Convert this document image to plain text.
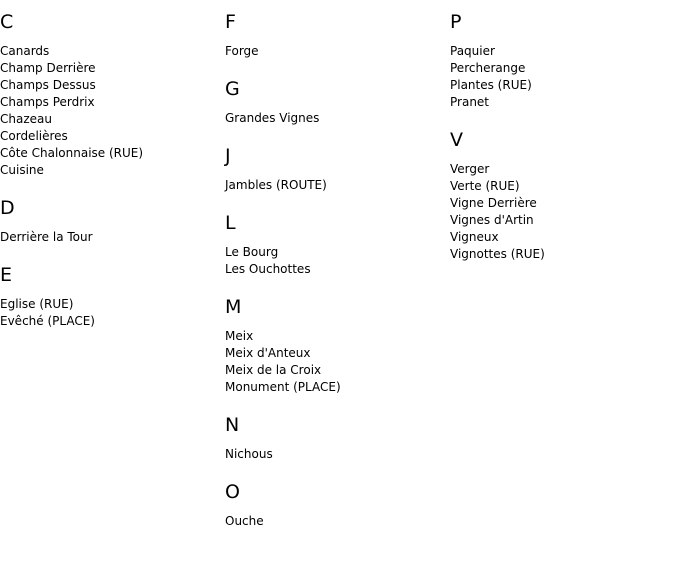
C
Canards
Champ Derrière
Champs Dessus
Champs Perdrix
Chazeau
Cordelières
Côte Chalonnaise (RUE)
Cuisine
D
Derrière la Tour
E
Eglise (RUE)
Evêché (PLACE)
F
Forge
G
Grandes Vignes
J
Jambles (ROUTE)
L
Le Bourg
Les Ouchottes
M
Meix
Meix d'Anteux
Meix de la Croix
Monument (PLACE)
N
Nichous
O
Ouche
P
Paquier
Percherange
Plantes (RUE)
Pranet
V
Verger
Verte (RUE)
Vigne Derrière
Vignes d'Artin
Vigneux
Vignottes (RUE)
